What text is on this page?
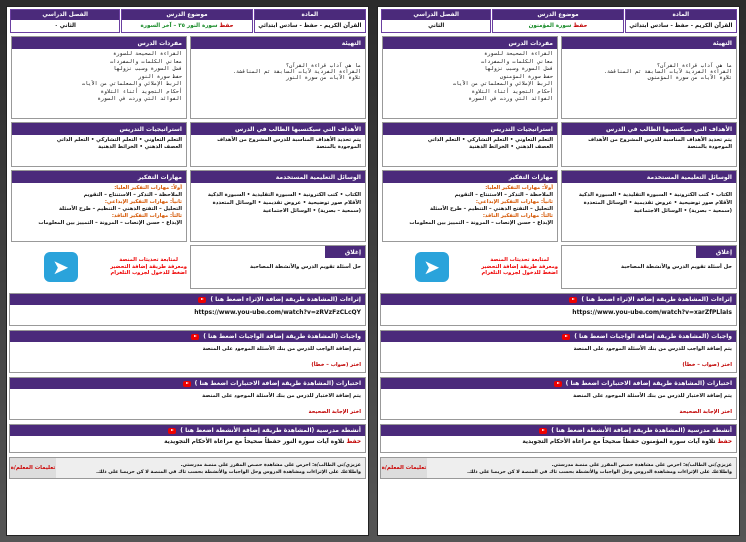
المادة
القرآن الكريم - حفظ - سادس ابتدائي
موضوع الدرس
حفظ سورة المؤمنون
الفصل الدراسي
الثاني
التهيئة
ما هي آداب قراءة القرآن؟
القراءة الفردية لآيات السابقة ثم المناقشة.
تلاوة الآيات من سورة المؤمنون
مفردات الدرس
القراءة الصحيحة للسورة
معاني الكلمات والمفردات
فضل السورة وسبب نزولها
حفظ سورة المؤمنون
الربط الإملائي والمعلماتي من الآيات
أحكام التجويد أثناء التلاوة
الفوائد التي وردت في السورة
الأهداف التي سيكتسبها الطالب في الدرس
يتم تحديد الأهداف المناسبة للدرس المشروح من الأهداف الموجودة بالمنصة
استراتيجيات التدريس
التعلم التعاوني • التعلم التشاركي • التعلم الذاتي
العصف الذهني • الخرائط الذهنية
الوسائل التعليمية المستخدمة
الكتاب • كتب الكترونية • السبورة التقليدية • السبورة الذكية
الأقلام صور توضيحية • عروض تقديمية • الوسائل المتعددة
(سمعية – بصرية) • الوسائل الاجتماعية
مهارات التفكير
أولاً: مهارات التفكير العليا:
الملاحظة – التذكر – الاستنتاج – التقويم
ثانياً: مهارات التفكير الإبداعي:
التحليل – التفتح الذهني – التنظيم – طرح الأسئلة
ثالثاً: مهارات التفكير الناقد:
الإبداع – حسن الإنصات – المرونة – التمييز بين المعلومات
إغلاق الدرس
حل أسئلة تقويم الدرس والأنشطة المصاحبة
لمتابعة تحديثات المنصة
ومعرفة طريقة إضافة التحضير
اضغط للدخول لجروب التلغرام
➤
إثراءات (المشاهدة طريقة إضافة الإثراء اضغط هنا )
https://www.you-ube.com/watch?v=xarZfPLlaIs
واجبات (المشاهدة طريقة إضافة الواجبات اضغط هنا )
يتم إضافة الواجب للدرس من بنك الأسئلة الموجود على المنصة
اختر (صواب – خطأ)
اختبارات (المشاهدة طريقة إضافة الاختبارات اضغط هنا )
يتم إضافة الاختبار للدرس من بنك الأسئلة الموجود على المنصة
اختر الإجابة الصحيحة
أنشطة مدرسية (المشاهدة طريقة إضافة الأنشطة اضغط هنا )
حفظ تلاوة آيات سورة المؤمنون حفظاً صحيحاً مع مراعاة الأحكام التجويدية
عزيزي/تي الطالب/ة: احرص على مشاهدة حصص المقرر على منصة مدرستي.
واطلاعك على الإثراءات ومشاهدة الدروس وحل الواجبات والأنشطة بحسب ثاك في المنصة لا كن حريصا على ذلك.
تعليمات المعلم/ة
المادة
القرآن الكريم - حفظ - سادس ابتدائي
موضوع الدرس
حفظ سورة النور ٣٥ – آخر السورة
الفصل الدراسي
الثاني ٠
التهيئة
ما هي آداب قراءة القرآن؟
القراءة الفردية لآيات السابقة ثم المناقشة.
تلاوة الآيات من سورة النور
مفردات الدرس
القراءة الصحيحة للسورة
معاني الكلمات والمفردات
فضل السورة وسبب نزولها
حفظ سورة النور
الربط الإملائي والمعلماتي من الآيات
أحكام التجويد أثناء التلاوة
الفوائد التي وردت في السورة
الأهداف التي سيكتسبها الطالب في الدرس
يتم تحديد الأهداف المناسبة للدرس المشروح من الأهداف الموجودة بالمنصة
استراتيجيات التدريس
التعلم التعاوني • التعلم التشاركي • التعلم الذاتي
العصف الذهني • الخرائط الذهنية
الوسائل التعليمية المستخدمة
الكتاب • كتب الكترونية • السبورة التقليدية • السبورة الذكية
الأقلام صور توضيحية • عروض تقديمية • الوسائل المتعددة
(سمعية – بصرية) • الوسائل الاجتماعية
مهارات التفكير
أولاً: مهارات التفكير العليا:
الملاحظة – التذكر – الاستنتاج – التقويم
ثانياً: مهارات التفكير الإبداعي:
التحليل – التفتح الذهني – التنظيم – طرح الأسئلة
ثالثاً: مهارات التفكير الناقد:
الإبداع – حسن الإنصات – المرونة – التمييز بين المعلومات
إغلاق الدرس
حل أسئلة تقويم الدرس والأنشطة المصاحبة
لمتابعة تحديثات المنصة
ومعرفة طريقة إضافة التحضير
اضغط للدخول لجروب التلغرام
➤
إثراءات (المشاهدة طريقة إضافة الإثراء اضغط هنا )
https://www.you-ube.com/watch?v=zRVzFzCLcQY
واجبات (المشاهدة طريقة إضافة الواجبات اضغط هنا )
يتم إضافة الواجب للدرس من بنك الأسئلة الموجود على المنصة
اختر (صواب – خطأ)
اختبارات (المشاهدة طريقة إضافة الاختبارات اضغط هنا )
يتم إضافة الاختبار للدرس من بنك الأسئلة الموجود على المنصة
اختر الإجابة الصحيحة
أنشطة مدرسية (المشاهدة طريقة إضافة الأنشطة اضغط هنا )
حفظ تلاوة آيات سورة النور حفظاً صحيحاً مع مراعاة الأحكام التجويدية
عزيزي/تي الطالب/ة: احرص على مشاهدة حصص المقرر على منصة مدرستي.
واطلاعك على الإثراءات ومشاهدة الدروس وحل الواجبات والأنشطة بحسب ثاك في المنصة لا كن حريصا على ذلك.
تعليمات المعلم/ة
